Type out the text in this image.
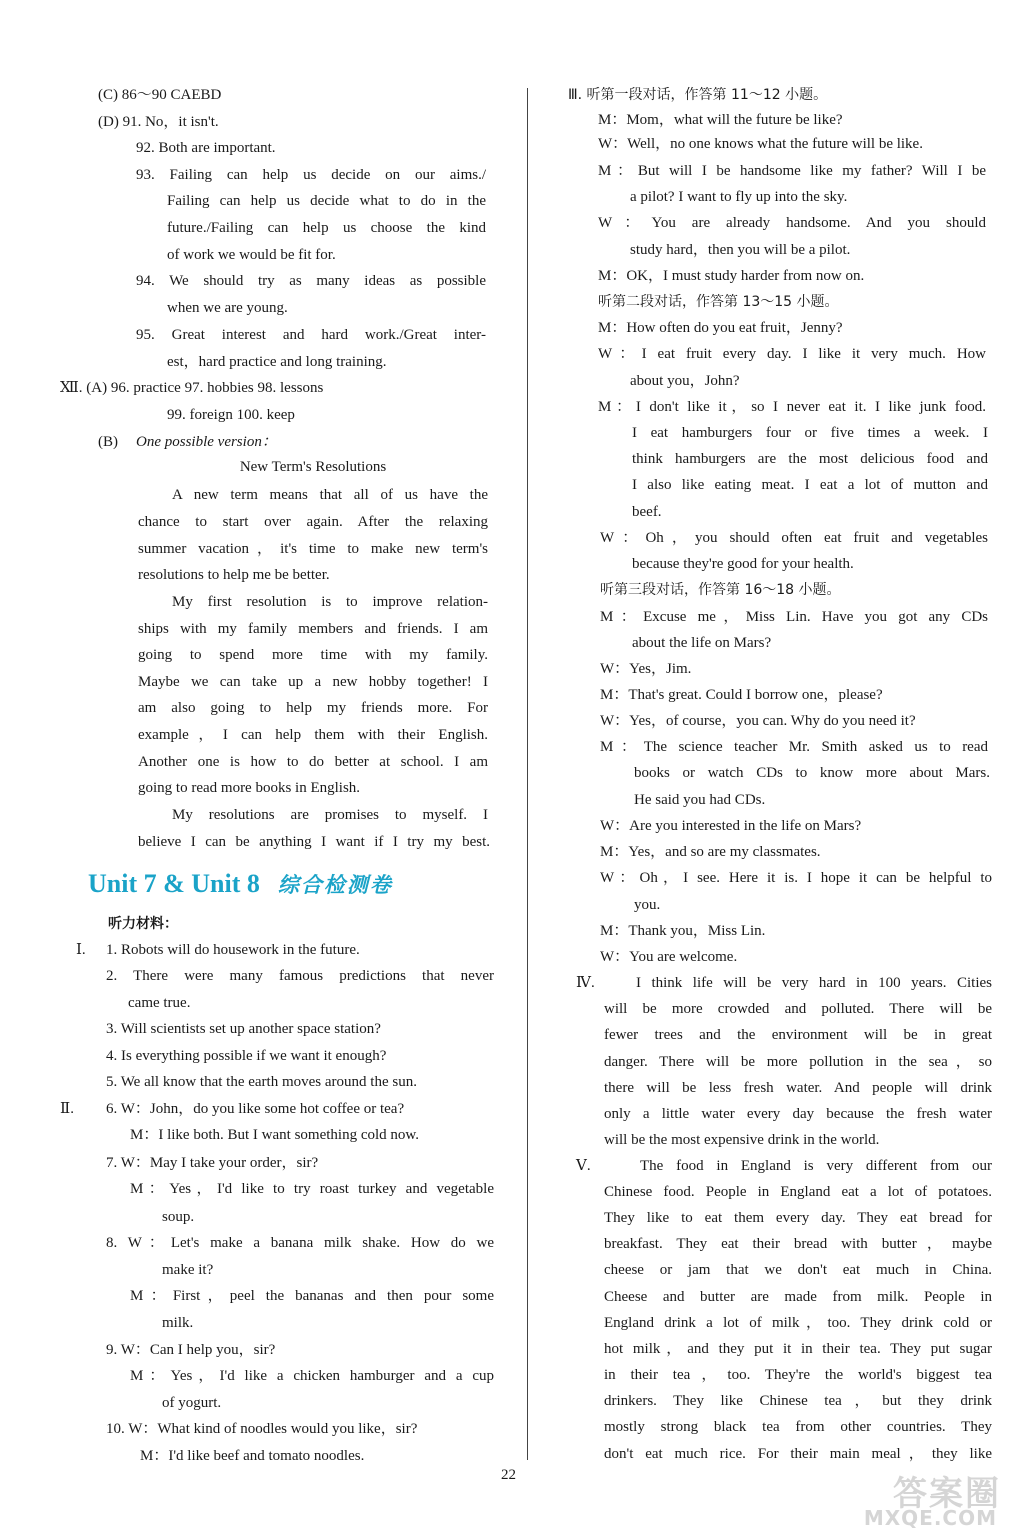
(C) 86～90 CAEBD
(D) 91. No，it isn't.
92. Both are important.
93. Failing can help us decide on our aims./
Failing can help us decide what to do in the
future./Failing can help us choose the kind
of work we would be fit for.
94. We should try as many ideas as possible
when we are young.
95. Great interest and hard work./Great inter-
est，hard practice and long training.
Ⅻ. (A) 96. practice 97. hobbies 98. lessons
99. foreign 100. keep
(B) One possible version：
New Term's Resolutions
A new term means that all of us have the
chance to start over again. After the relaxing
summer vacation，it's time to make new term's
resolutions to help me be better.
My first resolution is to improve relation-
ships with my family members and friends. I am
going to spend more time with my family.
Maybe we can take up a new hobby together! I
am also going to help my friends more. For
example，I can help them with their English.
Another one is how to do better at school. I am
going to read more books in English.
My resolutions are promises to myself. I
believe I can be anything I want if I try my best.
Ⅰ. 1. Robots will do housework in the future.
2. There were many famous predictions that never
came true.
3. Will scientists set up another space station?
4. Is everything possible if we want it enough?
5. We all know that the earth moves around the sun.
Ⅱ. 6. W：John，do you like some hot coffee or tea?
M：I like both. But I want something cold now.
7. W：May I take your order，sir?
M：Yes，I'd like to try roast turkey and vegetable
soup.
8. W：Let's make a banana milk shake. How do we
make it?
M：First，peel the bananas and then pour some
milk.
9. W：Can I help you，sir?
M：Yes，I'd like a chicken hamburger and a cup
of yogurt.
10. W：What kind of noodles would you like，sir?
M：I'd like beef and tomato noodles.
Ⅲ. 听第一段对话，作答第 11～12 小题。
M：Mom，what will the future be like?
W：Well，no one knows what the future will be like.
M：But will I be handsome like my father? Will I be
a pilot? I want to fly up into the sky.
W：You are already handsome. And you should
study hard，then you will be a pilot.
M：OK，I must study harder from now on.
听第二段对话，作答第 13～15 小题。
M：How often do you eat fruit，Jenny?
W：I eat fruit every day. I like it very much. How
about you，John?
M：I don't like it，so I never eat it. I like junk food.
I eat hamburgers four or five times a week. I
think hamburgers are the most delicious food and
I also like eating meat. I eat a lot of mutton and
beef.
W：Oh，you should often eat fruit and vegetables
because they're good for your health.
听第三段对话，作答第 16～18 小题。
M：Excuse me，Miss Lin. Have you got any CDs
about the life on Mars?
W：Yes，Jim.
M：That's great. Could I borrow one，please?
W：Yes，of course，you can. Why do you need it?
M：The science teacher Mr. Smith asked us to read
books or watch CDs to know more about Mars.
He said you had CDs.
W：Are you interested in the life on Mars?
M：Yes，and so are my classmates.
W：Oh，I see. Here it is. I hope it can be helpful to
you.
M：Thank you，Miss Lin.
W：You are welcome.
Ⅳ.	I think life will be very hard in 100 years. Cities
will be more crowded and polluted. There will be
fewer trees and the environment will be in great
danger. There will be more pollution in the sea，so
there will be less fresh water. And people will drink
only a little water every day because the fresh water
will be the most expensive drink in the world.
Ⅴ.	The food in England is very different from our
Chinese food. People in England eat a lot of potatoes.
They like to eat them every day. They eat bread for
breakfast. They eat their bread with butter，maybe
cheese or jam that we don't eat much in China.
Cheese and butter are made from milk. People in
England drink a lot of milk，too. They drink cold or
hot milk，and they put it in their tea. They put sugar
in their tea，too. They're the world's biggest tea
drinkers. They like Chinese tea，but they drink
mostly strong black tea from other countries. They
don't eat much rice. For their main meal，they like
Unit 7 & Unit 8 综合检测卷
听力材料：
22	答案圈
MXQE.COM
